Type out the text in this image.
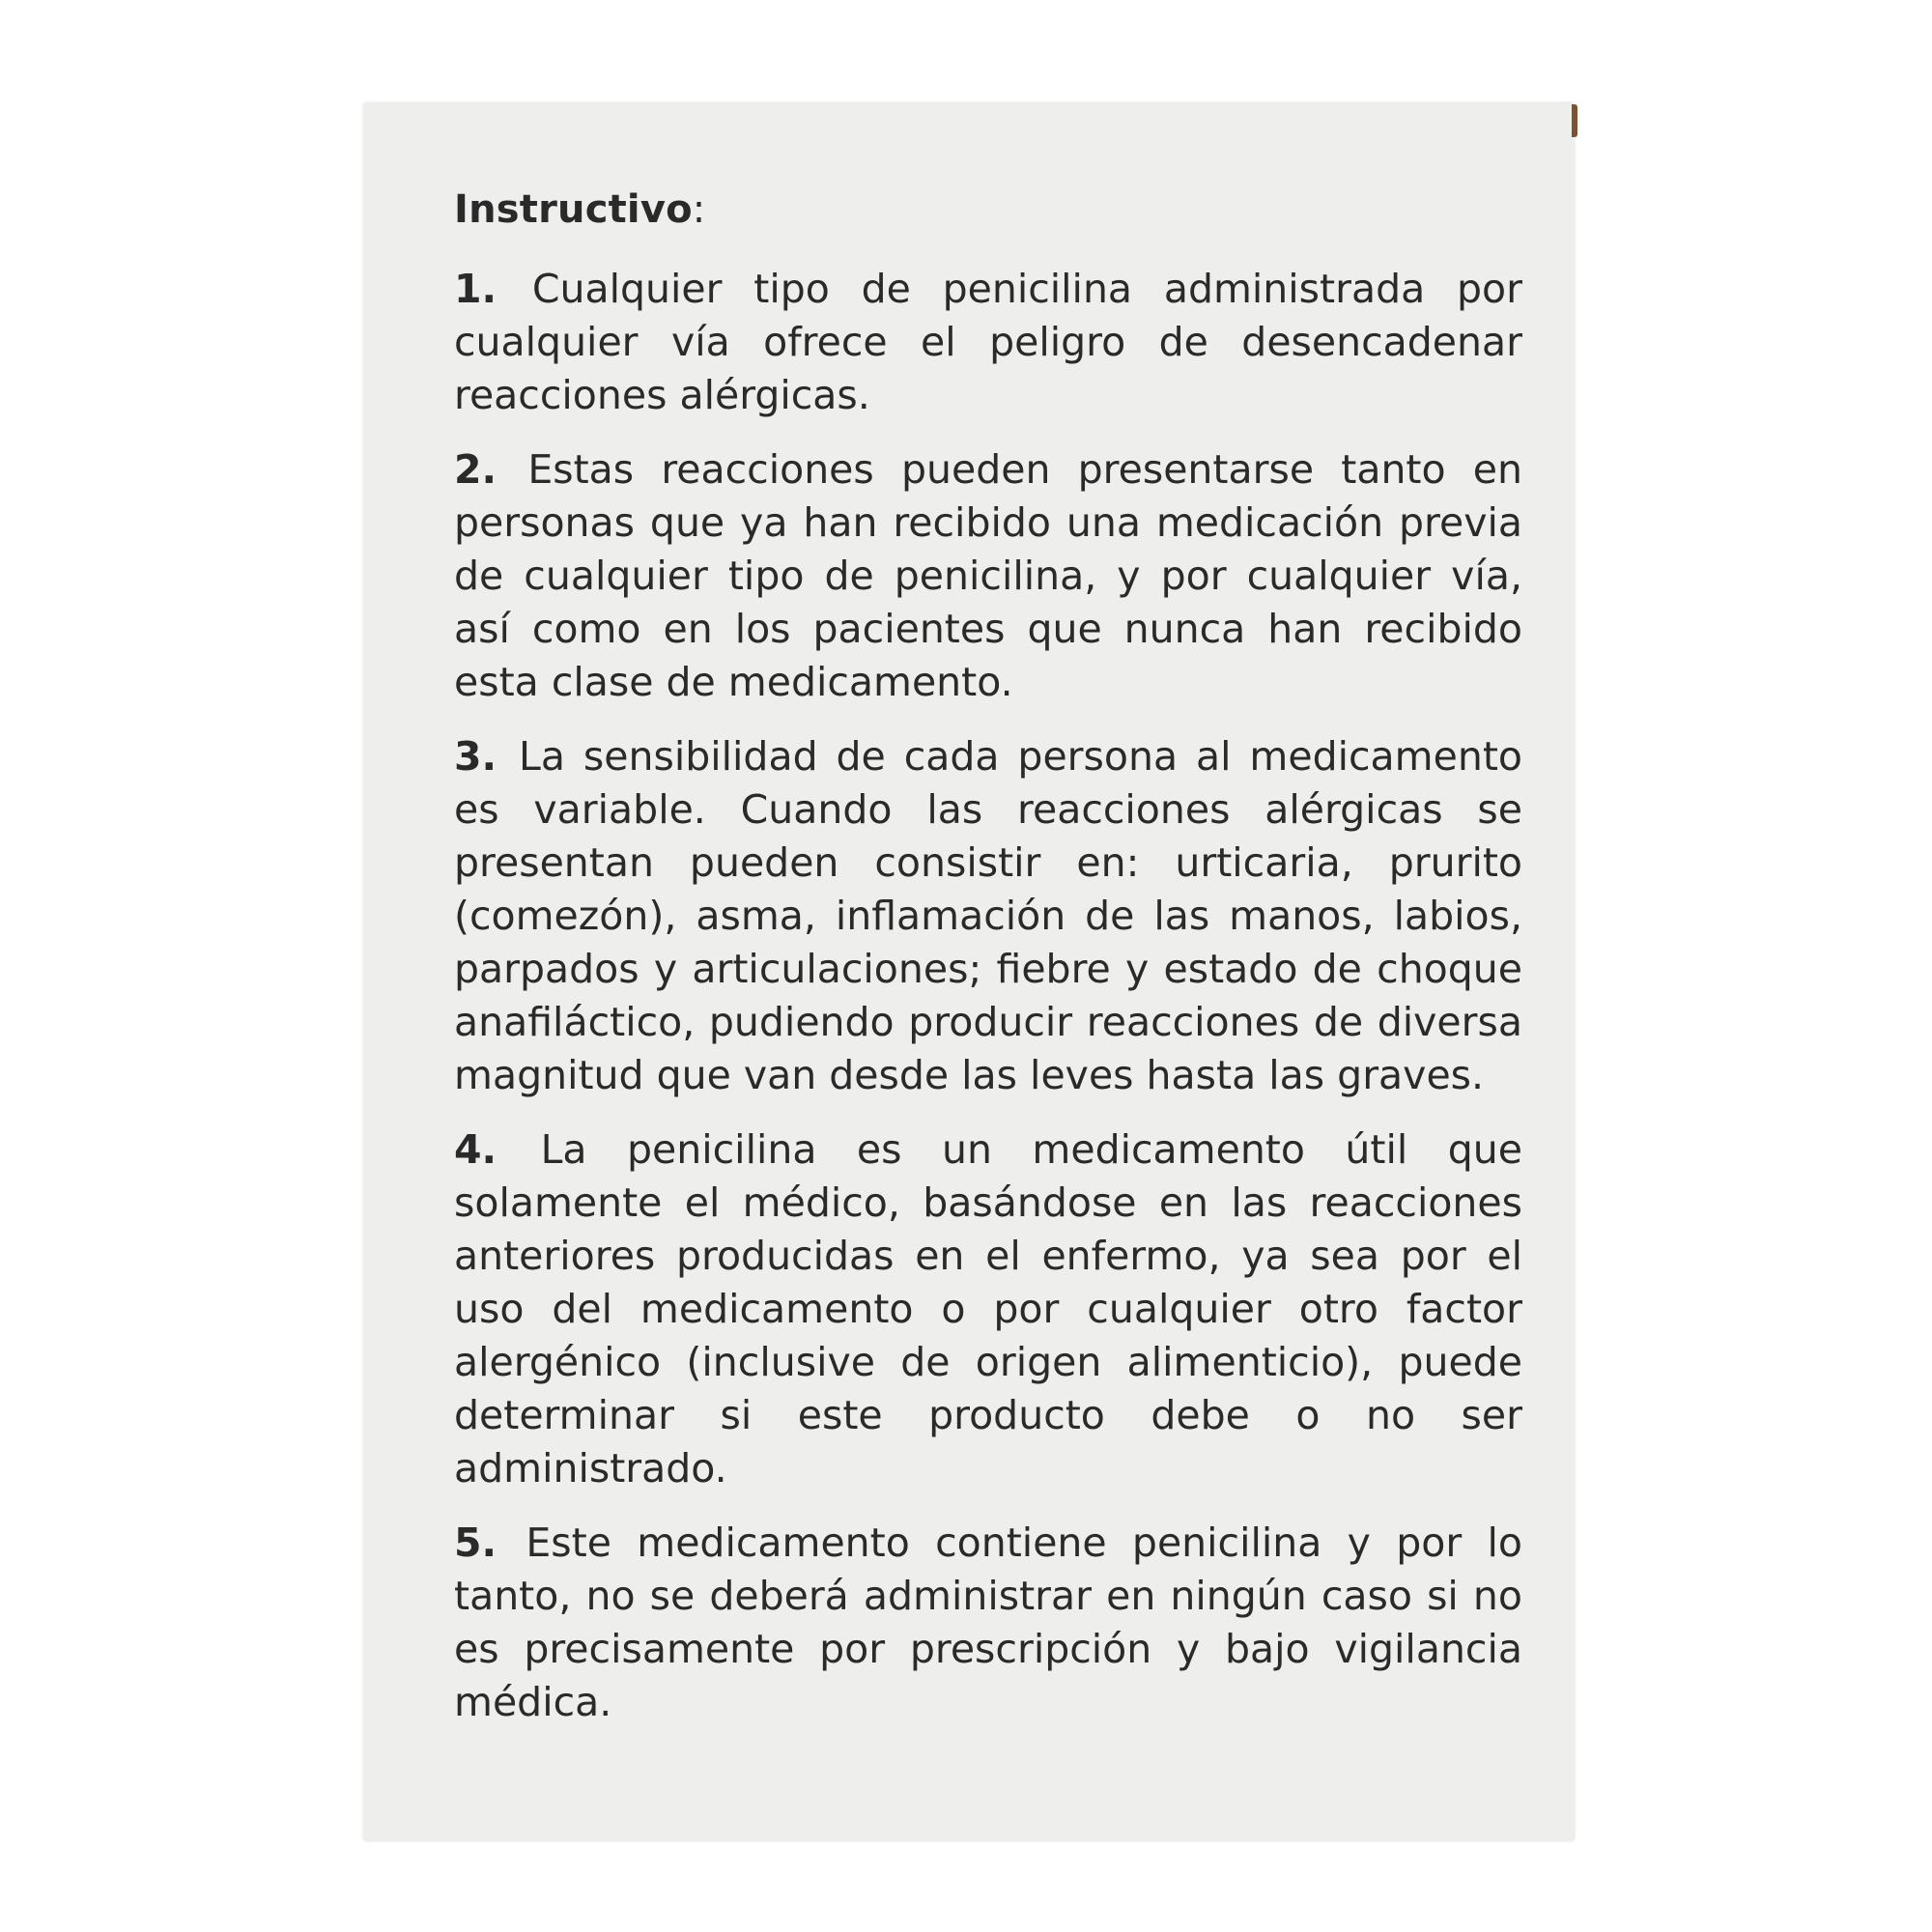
Instructivo:

1. Cualquier tipo de penicilina administrada por cualquier vía ofrece el peligro de desencadenar reacciones alérgicas.

2. Estas reacciones pueden presentarse tanto en personas que ya han recibido una medicación previa de cualquier tipo de penicilina, y por cualquier vía, así como en los pacientes que nunca han recibido esta clase de medicamento.

3. La sensibilidad de cada persona al medicamento es variable. Cuando las reacciones alérgicas se presentan pueden consistir en: urticaria, prurito (comezón), asma, inflamación de las manos, labios, parpados y articulaciones; fiebre y estado de choque anafiláctico, pudiendo producir reacciones de diversa magnitud que van desde las leves hasta las graves.

4. La penicilina es un medicamento útil que solamente el médico, basándose en las reacciones anteriores producidas en el enfermo, ya sea por el uso del medicamento o por cualquier otro factor alergénico (inclusive de origen alimenticio), puede determinar si este producto debe o no ser administrado.

5. Este medicamento contiene penicilina y por lo tanto, no se deberá administrar en ningún caso si no es precisamente por prescripción y bajo vigilancia médica.
